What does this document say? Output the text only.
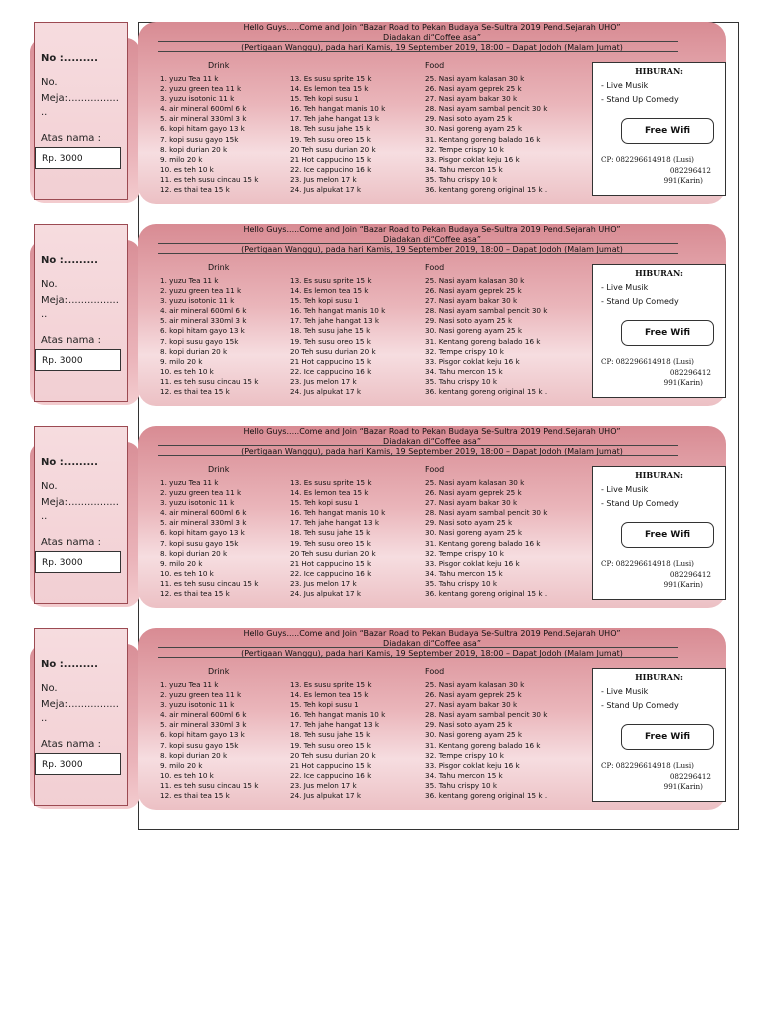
No :.........
No.
Meja:................
..
Atas nama :
Rp. 3000
Hello Guys.....Come and Join “Bazar Road to Pekan Budaya Se-Sultra 2019 Pend.Sejarah UHO”
Diadakan di“Coffee asa”
(Pertigaan Wanggu), pada hari Kamis, 19 September 2019, 18:00 – Dapat Jodoh (Malam Jumat)
Drink	Food
1. yuzu Tea 11 k
2. yuzu green tea 11 k
3. yuzu isotonic 11 k
4. air mineral 600ml 6 k
5. air mineral 330ml 3 k
6. kopi hitam gayo 13 k
7. kopi susu gayo 15k
8. kopi durian 20 k
9. milo 20 k
10. es teh 10 k
11. es teh susu cincau 15 k
12. es thai tea 15 k
13. Es susu sprite 15 k
14. Es lemon tea 15 k
15. Teh kopi susu 1
16. Teh hangat manis 10 k
17. Teh jahe hangat 13 k
18. Teh susu jahe 15 k
19. Teh susu oreo 15 k
20 Teh susu durian 20 k
21 Hot cappucino 15 k
22. Ice cappucino 16 k
23. Jus melon 17 k
24. Jus alpukat 17 k
25. Nasi ayam kalasan 30 k
26. Nasi ayam geprek 25 k
27. Nasi ayam bakar 30 k
28. Nasi ayam sambal pencit 30 k
29. Nasi soto ayam 25 k
30. Nasi goreng ayam 25 k
31. Kentang goreng balado 16 k
32. Tempe crispy 10 k
33. Pisgor coklat keju 16 k
34. Tahu mercon 15 k
35. Tahu crispy 10 k
36. kentang goreng original 15 k .
HIBURAN:
- Live Musik
- Stand Up Comedy
Free Wifi
CP: 082296614918 (Lusi)
082296412
991(Karin)
No :.........
No.
Meja:................
..
Atas nama :
Rp. 3000
Hello Guys.....Come and Join “Bazar Road to Pekan Budaya Se-Sultra 2019 Pend.Sejarah UHO”
Diadakan di“Coffee asa”
(Pertigaan Wanggu), pada hari Kamis, 19 September 2019, 18:00 – Dapat Jodoh (Malam Jumat)
Drink	Food
1. yuzu Tea 11 k
2. yuzu green tea 11 k
3. yuzu isotonic 11 k
4. air mineral 600ml 6 k
5. air mineral 330ml 3 k
6. kopi hitam gayo 13 k
7. kopi susu gayo 15k
8. kopi durian 20 k
9. milo 20 k
10. es teh 10 k
11. es teh susu cincau 15 k
12. es thai tea 15 k
13. Es susu sprite 15 k
14. Es lemon tea 15 k
15. Teh kopi susu 1
16. Teh hangat manis 10 k
17. Teh jahe hangat 13 k
18. Teh susu jahe 15 k
19. Teh susu oreo 15 k
20 Teh susu durian 20 k
21 Hot cappucino 15 k
22. Ice cappucino 16 k
23. Jus melon 17 k
24. Jus alpukat 17 k
25. Nasi ayam kalasan 30 k
26. Nasi ayam geprek 25 k
27. Nasi ayam bakar 30 k
28. Nasi ayam sambal pencit 30 k
29. Nasi soto ayam 25 k
30. Nasi goreng ayam 25 k
31. Kentang goreng balado 16 k
32. Tempe crispy 10 k
33. Pisgor coklat keju 16 k
34. Tahu mercon 15 k
35. Tahu crispy 10 k
36. kentang goreng original 15 k .
HIBURAN:
- Live Musik
- Stand Up Comedy
Free Wifi
CP: 082296614918 (Lusi)
082296412
991(Karin)
No :.........
No.
Meja:................
..
Atas nama :
Rp. 3000
Hello Guys.....Come and Join “Bazar Road to Pekan Budaya Se-Sultra 2019 Pend.Sejarah UHO”
Diadakan di“Coffee asa”
(Pertigaan Wanggu), pada hari Kamis, 19 September 2019, 18:00 – Dapat Jodoh (Malam Jumat)
Drink	Food
1. yuzu Tea 11 k
2. yuzu green tea 11 k
3. yuzu isotonic 11 k
4. air mineral 600ml 6 k
5. air mineral 330ml 3 k
6. kopi hitam gayo 13 k
7. kopi susu gayo 15k
8. kopi durian 20 k
9. milo 20 k
10. es teh 10 k
11. es teh susu cincau 15 k
12. es thai tea 15 k
13. Es susu sprite 15 k
14. Es lemon tea 15 k
15. Teh kopi susu 1
16. Teh hangat manis 10 k
17. Teh jahe hangat 13 k
18. Teh susu jahe 15 k
19. Teh susu oreo 15 k
20 Teh susu durian 20 k
21 Hot cappucino 15 k
22. Ice cappucino 16 k
23. Jus melon 17 k
24. Jus alpukat 17 k
25. Nasi ayam kalasan 30 k
26. Nasi ayam geprek 25 k
27. Nasi ayam bakar 30 k
28. Nasi ayam sambal pencit 30 k
29. Nasi soto ayam 25 k
30. Nasi goreng ayam 25 k
31. Kentang goreng balado 16 k
32. Tempe crispy 10 k
33. Pisgor coklat keju 16 k
34. Tahu mercon 15 k
35. Tahu crispy 10 k
36. kentang goreng original 15 k .
HIBURAN:
- Live Musik
- Stand Up Comedy
Free Wifi
CP: 082296614918 (Lusi)
082296412
991(Karin)
No :.........
No.
Meja:................
..
Atas nama :
Rp. 3000
Hello Guys.....Come and Join “Bazar Road to Pekan Budaya Se-Sultra 2019 Pend.Sejarah UHO”
Diadakan di“Coffee asa”
(Pertigaan Wanggu), pada hari Kamis, 19 September 2019, 18:00 – Dapat Jodoh (Malam Jumat)
Drink	Food
1. yuzu Tea 11 k
2. yuzu green tea 11 k
3. yuzu isotonic 11 k
4. air mineral 600ml 6 k
5. air mineral 330ml 3 k
6. kopi hitam gayo 13 k
7. kopi susu gayo 15k
8. kopi durian 20 k
9. milo 20 k
10. es teh 10 k
11. es teh susu cincau 15 k
12. es thai tea 15 k
13. Es susu sprite 15 k
14. Es lemon tea 15 k
15. Teh kopi susu 1
16. Teh hangat manis 10 k
17. Teh jahe hangat 13 k
18. Teh susu jahe 15 k
19. Teh susu oreo 15 k
20 Teh susu durian 20 k
21 Hot cappucino 15 k
22. Ice cappucino 16 k
23. Jus melon 17 k
24. Jus alpukat 17 k
25. Nasi ayam kalasan 30 k
26. Nasi ayam geprek 25 k
27. Nasi ayam bakar 30 k
28. Nasi ayam sambal pencit 30 k
29. Nasi soto ayam 25 k
30. Nasi goreng ayam 25 k
31. Kentang goreng balado 16 k
32. Tempe crispy 10 k
33. Pisgor coklat keju 16 k
34. Tahu mercon 15 k
35. Tahu crispy 10 k
36. kentang goreng original 15 k .
HIBURAN:
- Live Musik
- Stand Up Comedy
Free Wifi
CP: 082296614918 (Lusi)
082296412
991(Karin)
